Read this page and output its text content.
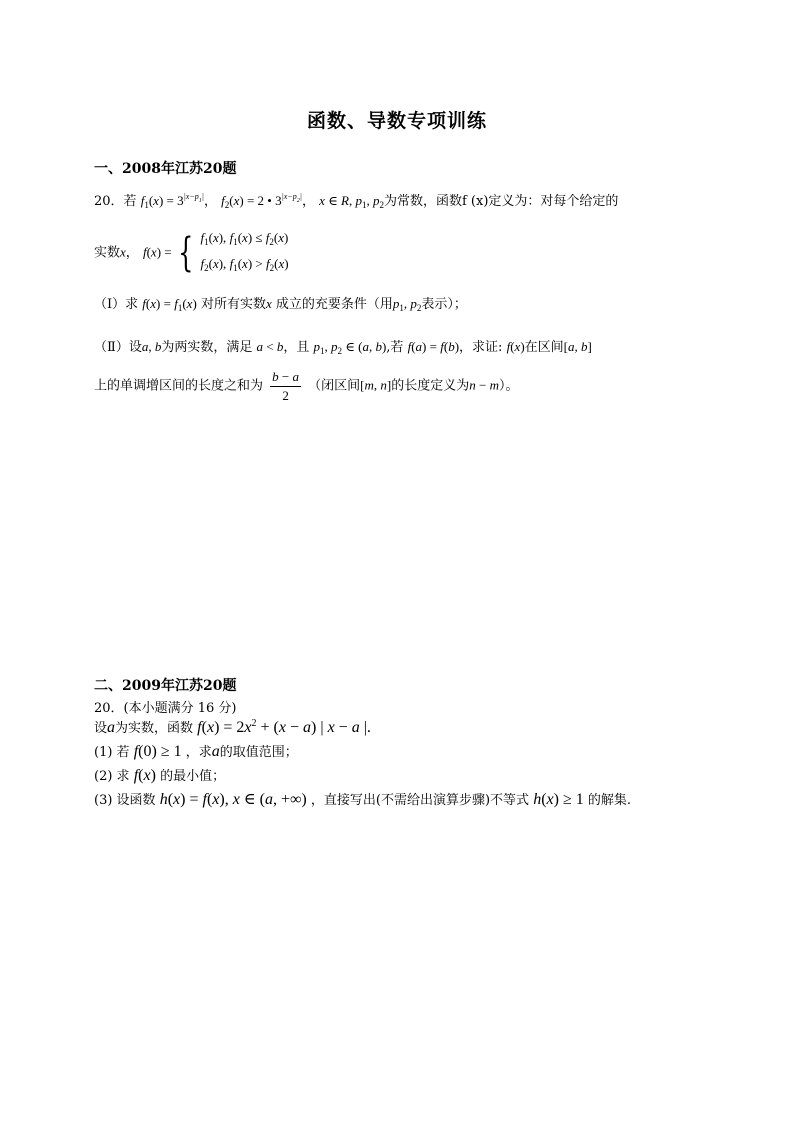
函数、导数专项训练
一、2008年江苏20题
20．若 $f_1(x) = 3^{|x-p_1|}$， $f_2(x) = 2$ • $3^{|x-p_2|}$， x ∈ R, $p_1$, $p_2$为常数，函数f (x)定义为：对每个给定的
实数x， f(x) = { $f_1(x)$, $f_1(x) \le f_2(x)$
$f_2(x)$, $f_1(x) > f_2(x)$
（Ⅰ）求 $f(x) = f_1(x)$ 对所有实数x 成立的充要条件（用$p_1$, $p_2$表示）；
（Ⅱ）设a, b为两实数，满足 a < b，且 $p_1$, $p_2$ ∈ (a, b),若 f(a) = f(b)，求证: f(x)在区间[a, b]
上的单调增区间的长度之和为 $\frac{b - a}{2}$ （闭区间[m, n]的长度定义为n − m）。
二、2009年江苏20题
20．(本小题满分 16 分)
设a为实数，函数 $f(x) = 2x^2 + (x - a)$ | x − a |.
(1) 若 f(0) ≥ 1 ，求a的取值范围；
(2) 求 f(x) 的最小值；
(3) 设函数 h(x) = f(x), x ∈ (a, +∞) ，直接写出(不需给出演算步骤)不等式 h(x) ≥ 1 的解集.
